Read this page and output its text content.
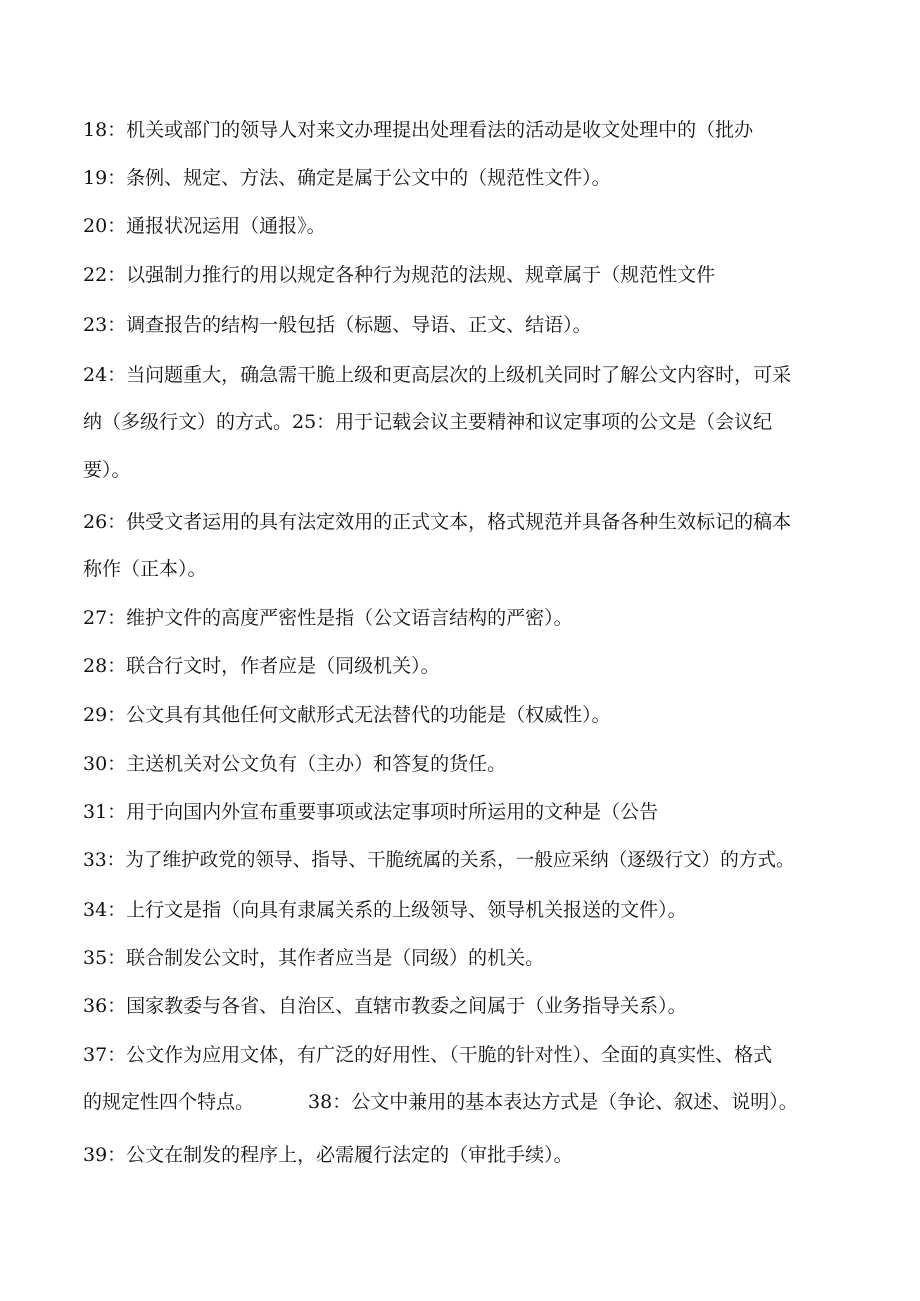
18：机关或部门的领导人对来文办理提出处理看法的活动是收文处理中的（批办
19：条例、规定、方法、确定是属于公文中的（规范性文件）。
20：通报状况运用（通报》。
22：以强制力推行的用以规定各种行为规范的法规、规章属于（规范性文件
23：调查报告的结构一般包括（标题、导语、正文、结语）。
24：当问题重大，确急需干脆上级和更高层次的上级机关同时了解公文内容时，可采
纳（多级行文）的方式。25：用于记载会议主要精神和议定事项的公文是（会议纪
要）。
26：供受文者运用的具有法定效用的正式文本，格式规范并具备各种生效标记的稿本
称作（正本）。
27：维护文件的高度严密性是指（公文语言结构的严密）。
28：联合行文时，作者应是（同级机关）。
29：公文具有其他任何文献形式无法替代的功能是（权威性）。
30：主送机关对公文负有（主办）和答复的货任。
31：用于向国内外宣布重要事项或法定事项时所运用的文种是（公告
33：为了维护政党的领导、指导、干脆统属的关系，一般应采纳（逐级行文）的方式。
34：上行文是指（向具有隶属关系的上级领导、领导机关报送的文件）。
35：联合制发公文时，其作者应当是（同级）的机关。
36：国家教委与各省、自治区、直辖市教委之间属于（业务指导关系）。
37：公文作为应用文体，有广泛的好用性、（干脆的针对性）、全面的真实性、格式
的规定性四个特点。	38：公文中兼用的基本表达方式是（争论、叙述、说明）。
39：公文在制发的程序上，必需履行法定的（审批手续）。
